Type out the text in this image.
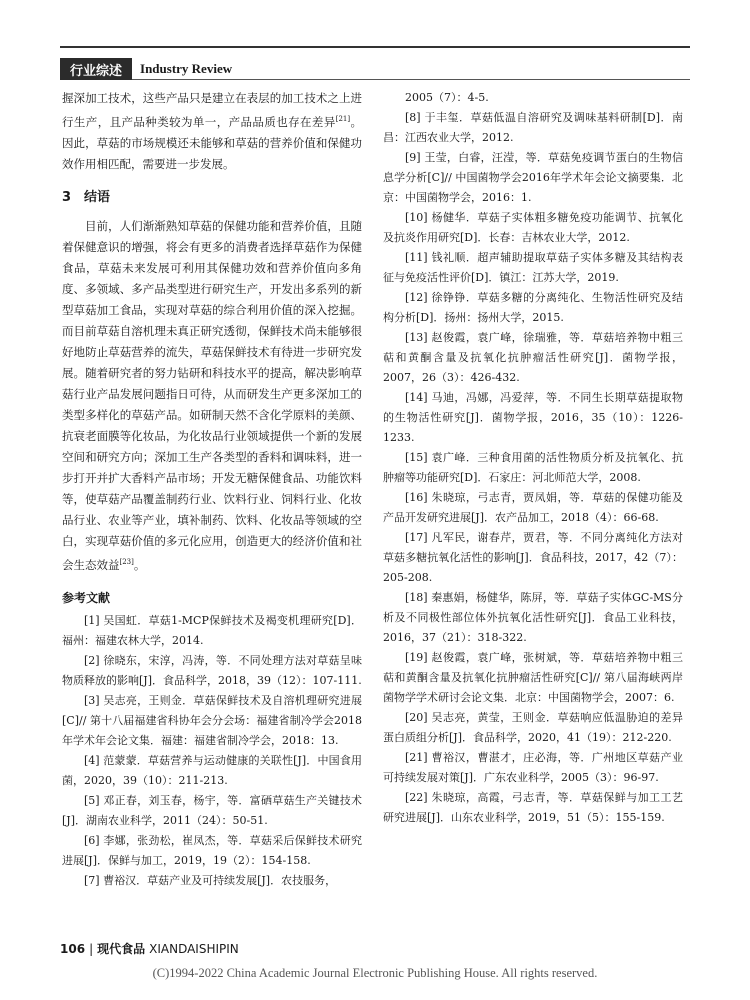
行业综述	Industry Review

握深加工技术，这些产品只是建立在表层的加工技术之上进行生产，且产品种类较为单一，产品品质也存在差异[21]。因此，草菇的市场规模还未能够和草菇的营养价值和保健功效作用相匹配，需要进一步发展。

3　结语

目前，人们渐渐熟知草菇的保健功能和营养价值，且随着保健意识的增强，将会有更多的消费者选择草菇作为保健食品，草菇未来发展可利用其保健功效和营养价值向多角度、多领域、多产品类型进行研究生产，开发出多系列的新型草菇加工食品，实现对草菇的综合利用价值的深入挖掘。而目前草菇自溶机理未真正研究透彻，保鲜技术尚未能够很好地防止草菇营养的流失，草菇保鲜技术有待进一步研究发展。随着研究者的努力钻研和科技水平的提高，解决影响草菇行业产品发展问题指日可待，从而研发生产更多深加工的类型多样化的草菇产品。如研制天然不含化学原料的美颜、抗衰老面膜等化妆品，为化妆品行业领域提供一个新的发展空间和研究方向；深加工生产各类型的香料和调味料，进一步打开并扩大香料产品市场；开发无糖保健食品、功能饮料等，使草菇产品覆盖制药行业、饮料行业、饲料行业、化妆品行业、农业等产业，填补制药、饮料、化妆品等领域的空白，实现草菇价值的多元化应用，创造更大的经济价值和社会生态效益[23]。

参考文献

[1] 吴国虹．草菇1-MCP保鲜技术及褐变机理研究[D]．福州：福建农林大学，2014.

[2] 徐晓东，宋淳，冯涛，等．不同处理方法对草菇呈味物质释放的影响[J]．食品科学，2018，39（12）：107-111.

[3] 吴志亮，王则金．草菇保鲜技术及自溶机理研究进展[C]// 第十八届福建省科协年会分会场：福建省制冷学会2018年学术年会论文集．福建：福建省制冷学会，2018：13.

[4] 范蒙蒙．草菇营养与运动健康的关联性[J]．中国食用菌，2020，39（10）：211-213.

[5] 邓正春，刘玉春，杨宇，等．富硒草菇生产关键技术[J]．湖南农业科学，2011（24）：50-51.

[6] 李娜，张劲松，崔凤杰，等．草菇采后保鲜技术研究进展[J]．保鲜与加工，2019，19（2）：154-158.

[7] 曹裕汉．草菇产业及可持续发展[J]．农技服务，

2005（7）：4-5.

[8] 于丰玺．草菇低温自溶研究及调味基料研制[D]．南昌：江西农业大学，2012.

[9] 王莹，白睿，汪滢，等．草菇免疫调节蛋白的生物信息学分析[C]// 中国菌物学会2016年学术年会论文摘要集．北京：中国菌物学会，2016：1.

[10] 杨健华．草菇子实体粗多糖免疫功能调节、抗氧化及抗炎作用研究[D]．长春：吉林农业大学，2012.

[11] 钱礼顺．超声辅助提取草菇子实体多糖及其结构表征与免疫活性评价[D]．镇江：江苏大学，2019.

[12] 徐铮铮．草菇多糖的分离纯化、生物活性研究及结构分析[D]．扬州：扬州大学，2015.

[13] 赵俊霞，袁广峰，徐瑞雅，等．草菇培养物中粗三萜和黄酮含量及抗氧化抗肿瘤活性研究[J]．菌物学报，2007，26（3）：426-432.

[14] 马迪，冯娜，冯爱萍，等．不同生长期草菇提取物的生物活性研究[J]．菌物学报，2016，35（10）：1226-1233.

[15] 袁广峰．三种食用菌的活性物质分析及抗氧化、抗肿瘤等功能研究[D]．石家庄：河北师范大学，2008.

[16] 朱晓琼，弓志青，贾凤娟，等．草菇的保健功能及产品开发研究进展[J]．农产品加工，2018（4）：66-68.

[17] 凡军民，谢春芹，贾君，等．不同分离纯化方法对草菇多糖抗氧化活性的影响[J]．食品科技，2017，42（7）：205-208.

[18] 秦惠娟，杨健华，陈屏，等．草菇子实体GC-MS分析及不同极性部位体外抗氧化活性研究[J]．食品工业科技，2016，37（21）：318-322.

[19] 赵俊霞，袁广峰，张树斌，等．草菇培养物中粗三萜和黄酮含量及抗氧化抗肿瘤活性研究[C]// 第八届海峡两岸菌物学学术研讨会论文集．北京：中国菌物学会，2007：6.

[20] 吴志亮，黄莹，王则金．草菇响应低温胁迫的差异蛋白质组分析[J]．食品科学，2020，41（19）：212-220.

[21] 曹裕汉，曹湛才，庄必海，等．广州地区草菇产业可持续发展对策[J]．广东农业科学，2005（3）：96-97.

[22] 朱晓琼，高霞，弓志青，等．草菇保鲜与加工工艺研究进展[J]．山东农业科学，2019，51（5）：155-159.

106 | 现代食品 XIANDAISHIPIN
(C)1994-2022 China Academic Journal Electronic Publishing House. All rights reserved.
